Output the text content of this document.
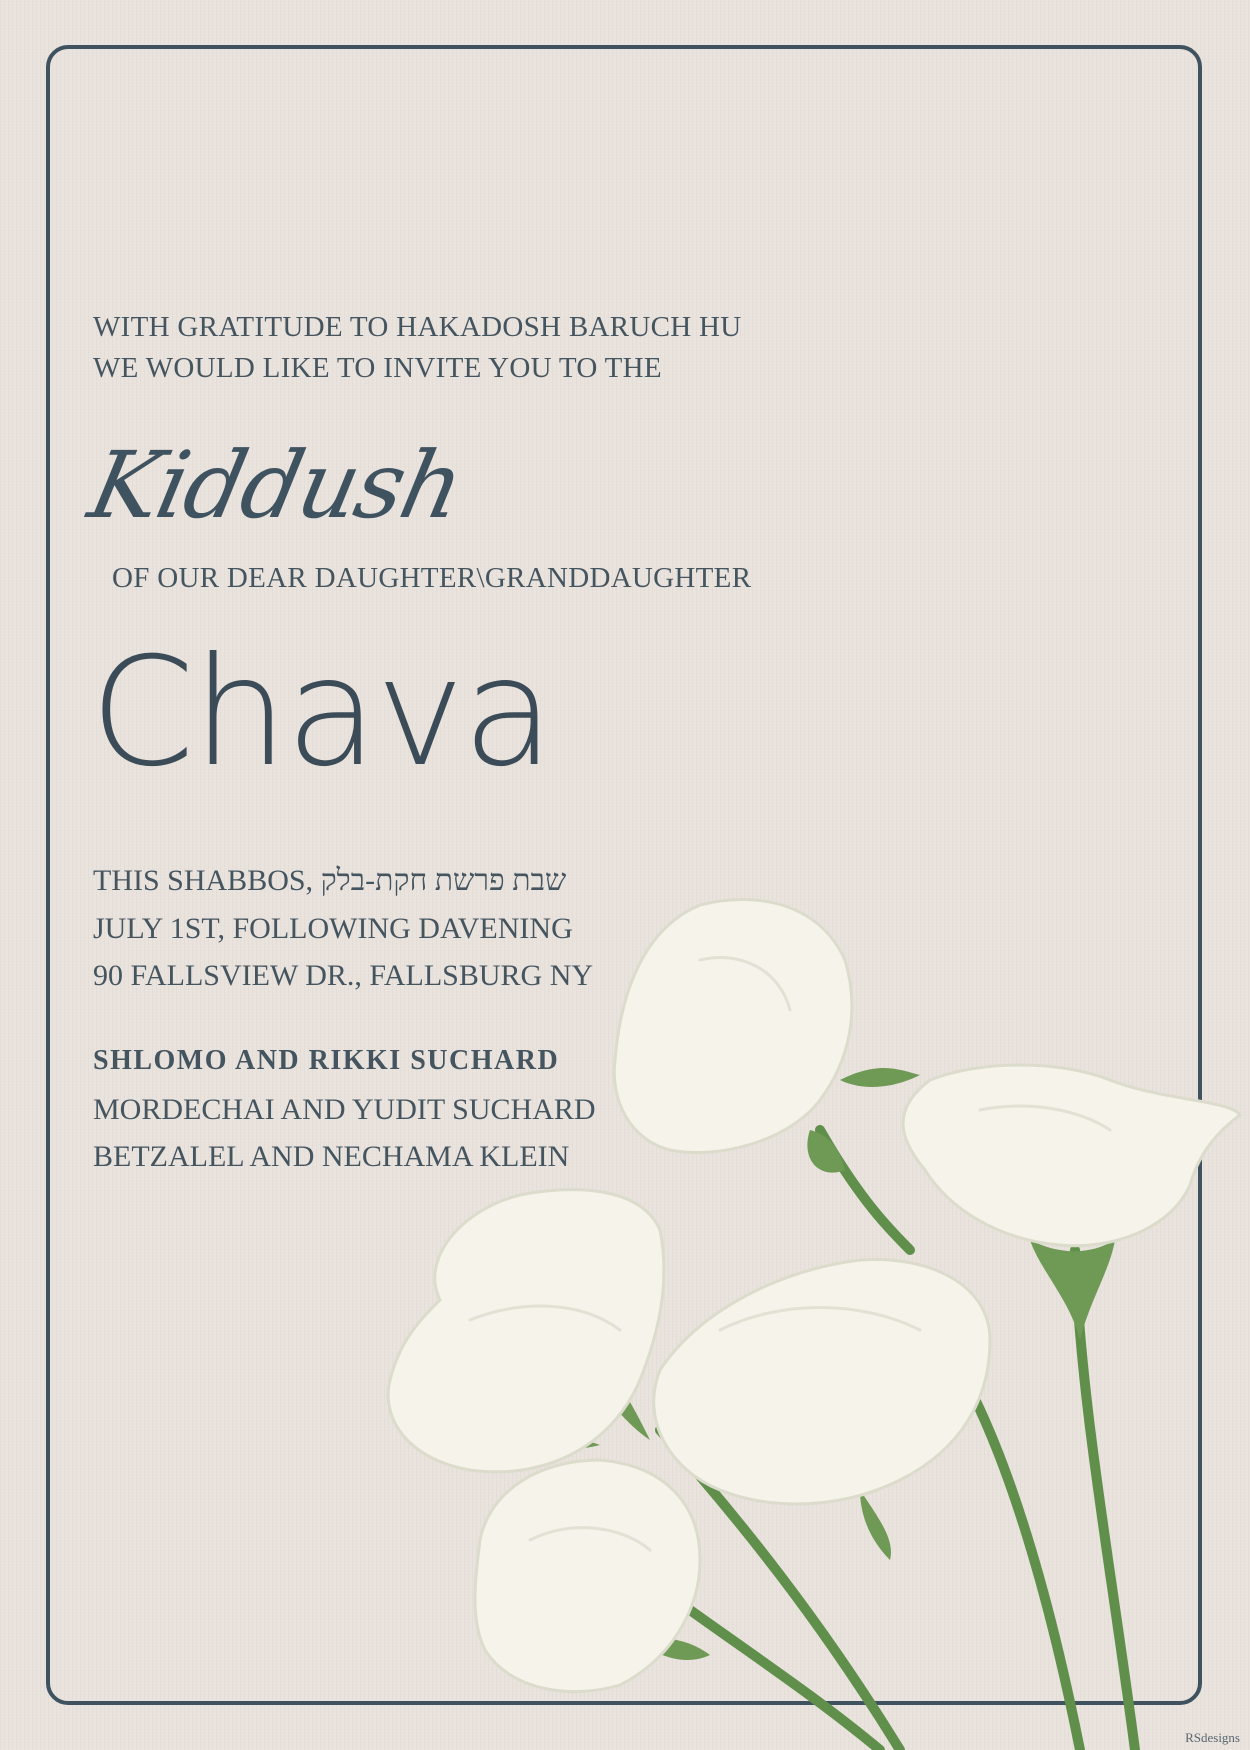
WITH GRATITUDE TO HAKADOSH BARUCH HU
WE WOULD LIKE TO INVITE YOU TO THE
Kiddush
OF OUR DEAR DAUGHTER\GRANDDAUGHTER
Chava
THIS SHABBOS, שבת פרשת חקת-בלק
JULY 1ST, FOLLOWING DAVENING
90 FALLSVIEW DR., FALLSBURG NY
SHLOMO AND RIKKI SUCHARD
MORDECHAI AND YUDIT SUCHARD
BETZALEL AND NECHAMA KLEIN
RSdesigns
